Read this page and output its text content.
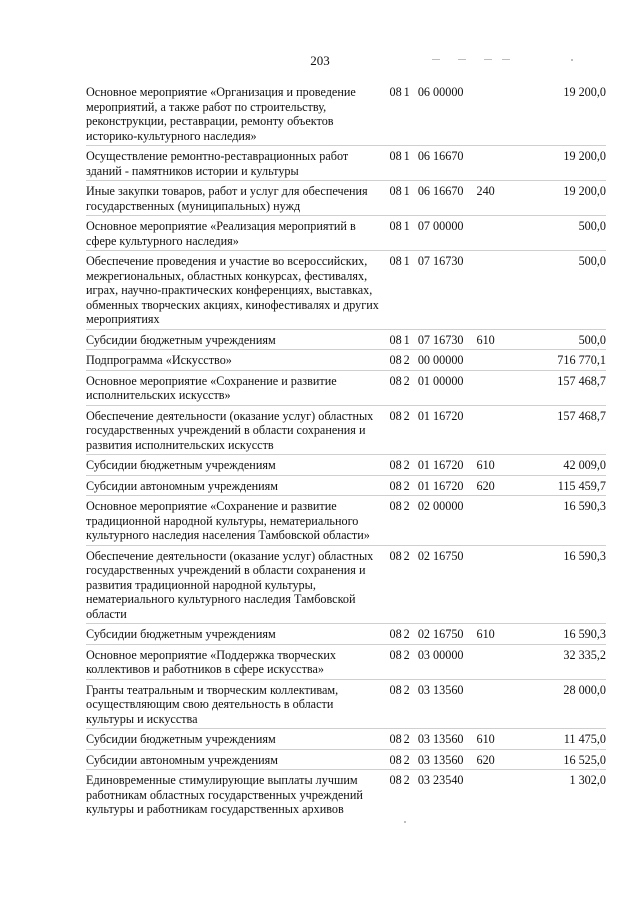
203
Основное мероприятие «Организация и проведение мероприятий, а также работ по строительству, реконструкции, реставрации, ремонту объектов историко-культурного наследия»	08	1	06 00000		19 200,0
Осуществление ремонтно-реставрационных работ зданий - памятников истории и культуры	08	1	06 16670		19 200,0
Иные закупки товаров, работ и услуг для обеспечения государственных (муниципальных) нужд	08	1	06 16670	240	19 200,0
Основное мероприятие «Реализация мероприятий в сфере культурного наследия»	08	1	07 00000		500,0
Обеспечение проведения и участие во всероссийских, межрегиональных, областных конкурсах, фестивалях, играх, научно-практических конференциях, выставках, обменных творческих акциях, кинофестивалях и других мероприятиях	08	1	07 16730		500,0
Субсидии бюджетным учреждениям	08	1	07 16730	610	500,0
Подпрограмма «Искусство»	08	2	00 00000		716 770,1
Основное мероприятие «Сохранение и развитие исполнительских искусств»	08	2	01 00000		157 468,7
Обеспечение деятельности (оказание услуг) областных государственных учреждений в области сохранения и развития исполнительских искусств	08	2	01 16720		157 468,7
Субсидии бюджетным учреждениям	08	2	01 16720	610	42 009,0
Субсидии автономным учреждениям	08	2	01 16720	620	115 459,7
Основное мероприятие «Сохранение и развитие традиционной народной культуры, нематериального культурного наследия населения Тамбовской области»	08	2	02 00000		16 590,3
Обеспечение деятельности (оказание услуг) областных государственных учреждений в области сохранения и развития традиционной народной культуры, нематериального культурного наследия Тамбовской области	08	2	02 16750		16 590,3
Субсидии бюджетным учреждениям	08	2	02 16750	610	16 590,3
Основное мероприятие «Поддержка творческих коллективов и работников в сфере искусства»	08	2	03 00000		32 335,2
Гранты театральным и творческим коллективам, осуществляющим свою деятельность в области культуры и искусства	08	2	03 13560		28 000,0
Субсидии бюджетным учреждениям	08	2	03 13560	610	11 475,0
Субсидии автономным учреждениям	08	2	03 13560	620	16 525,0
Единовременные стимулирующие выплаты лучшим работникам областных государственных учреждений культуры и работникам государственных архивов	08	2	03 23540		1 302,0
